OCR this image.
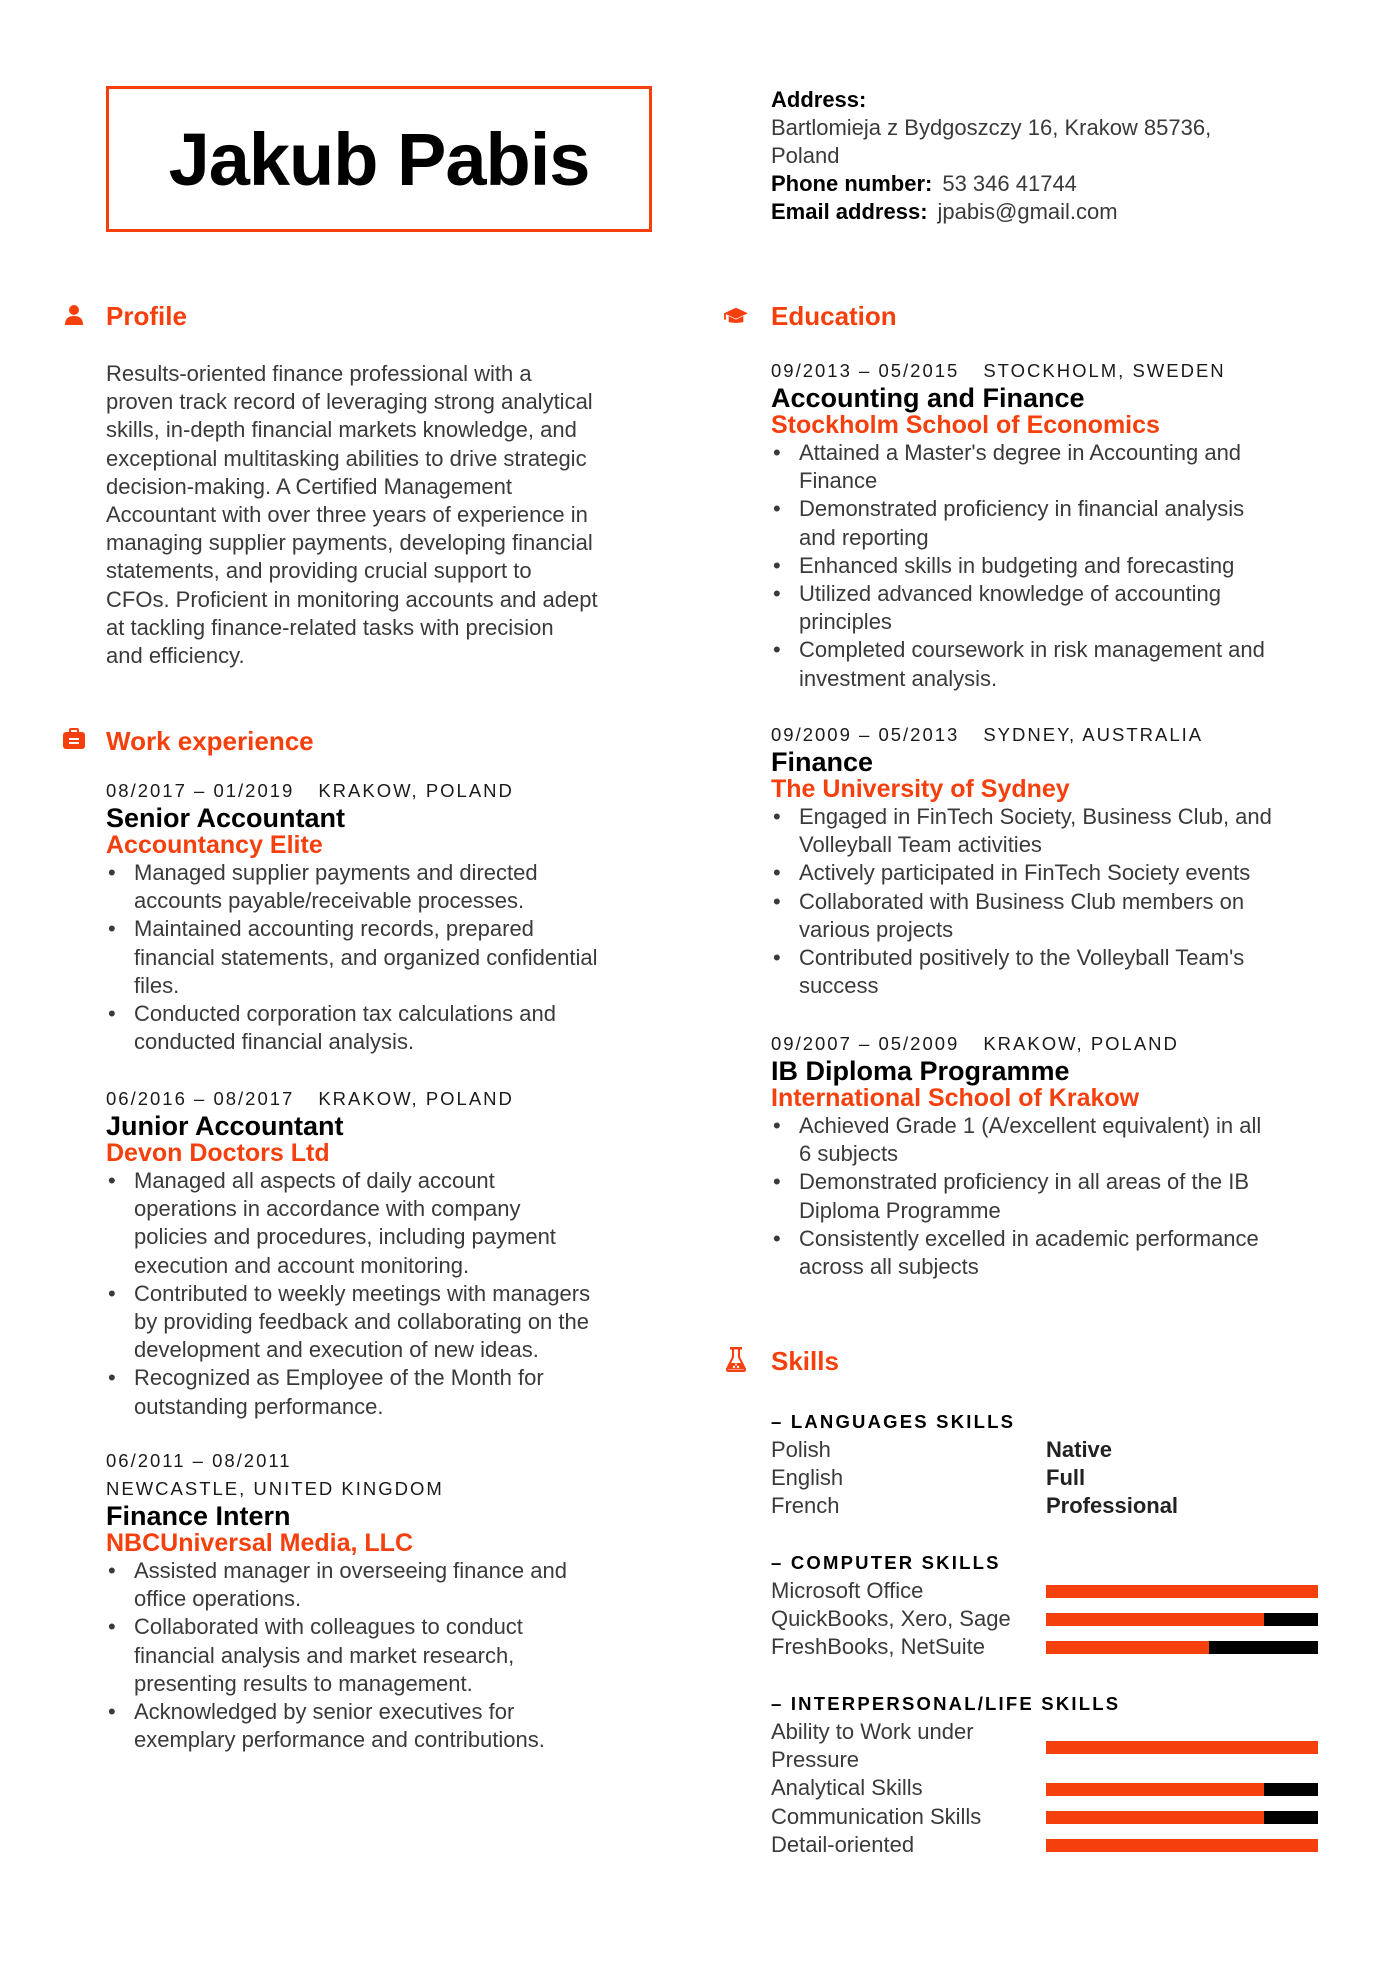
Jakub Pabis
Address:
Bartlomieja z Bydgoszczy 16, Krakow 85736,
Poland
Phone number: 53 346 41744
Email address: jpabis@gmail.com
Profile
Results-oriented finance professional with a
proven track record of leveraging strong analytical
skills, in-depth financial markets knowledge, and
exceptional multitasking abilities to drive strategic
decision-making. A Certified Management
Accountant with over three years of experience in
managing supplier payments, developing financial
statements, and providing crucial support to
CFOs. Proficient in monitoring accounts and adept
at tackling finance-related tasks with precision
and efficiency.
Work experience
08/2017 – 01/2019 KRAKOW, POLAND
Senior Accountant
Accountancy Elite
• Managed supplier payments and directed
accounts payable/receivable processes.
• Maintained accounting records, prepared
financial statements, and organized confidential
files.
• Conducted corporation tax calculations and
conducted financial analysis.
06/2016 – 08/2017 KRAKOW, POLAND
Junior Accountant
Devon Doctors Ltd
• Managed all aspects of daily account
operations in accordance with company
policies and procedures, including payment
execution and account monitoring.
• Contributed to weekly meetings with managers
by providing feedback and collaborating on the
development and execution of new ideas.
• Recognized as Employee of the Month for
outstanding performance.
06/2011 – 08/2011
NEWCASTLE, UNITED KINGDOM
Finance Intern
NBCUniversal Media, LLC
• Assisted manager in overseeing finance and
office operations.
• Collaborated with colleagues to conduct
financial analysis and market research,
presenting results to management.
• Acknowledged by senior executives for
exemplary performance and contributions.
Education
09/2013 – 05/2015 STOCKHOLM, SWEDEN
Accounting and Finance
Stockholm School of Economics
• Attained a Master's degree in Accounting and
Finance
• Demonstrated proficiency in financial analysis
and reporting
• Enhanced skills in budgeting and forecasting
• Utilized advanced knowledge of accounting
principles
• Completed coursework in risk management and
investment analysis.
09/2009 – 05/2013 SYDNEY, AUSTRALIA
Finance
The University of Sydney
• Engaged in FinTech Society, Business Club, and
Volleyball Team activities
• Actively participated in FinTech Society events
• Collaborated with Business Club members on
various projects
• Contributed positively to the Volleyball Team's
success
09/2007 – 05/2009 KRAKOW, POLAND
IB Diploma Programme
International School of Krakow
• Achieved Grade 1 (A/excellent equivalent) in all
6 subjects
• Demonstrated proficiency in all areas of the IB
Diploma Programme
• Consistently excelled in academic performance
across all subjects
Skills
– LANGUAGES SKILLS
Polish	Native
English	Full
French	Professional
– COMPUTER SKILLS
Microsoft Office
QuickBooks, Xero, Sage
FreshBooks, NetSuite
– INTERPERSONAL/LIFE SKILLS
Ability to Work under
Pressure
Analytical Skills
Communication Skills
Detail-oriented
